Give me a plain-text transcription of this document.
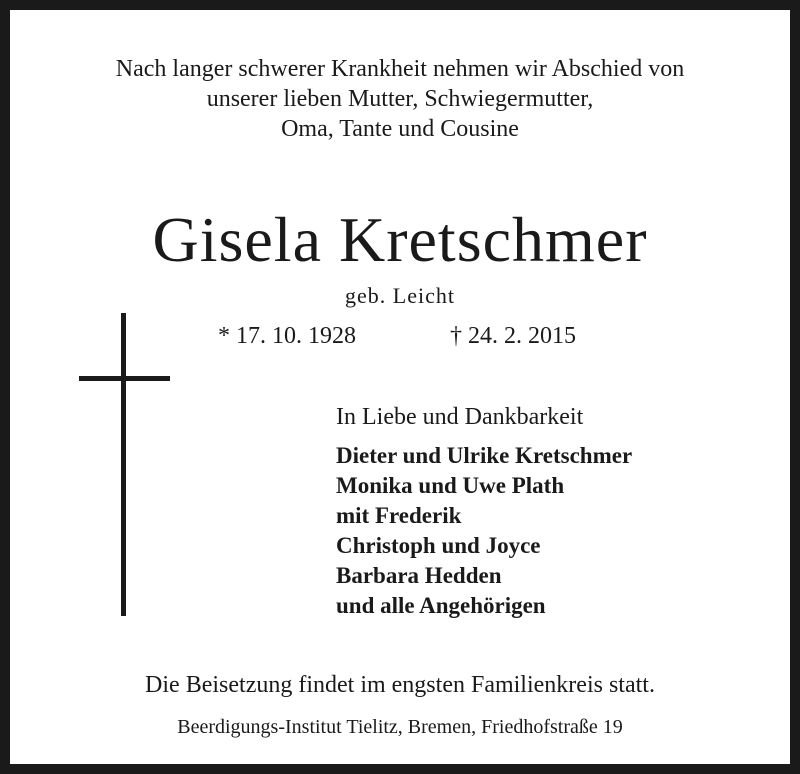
Nach langer schwerer Krankheit nehmen wir Abschied von
unserer lieben Mutter, Schwiegermutter,
Oma, Tante und Cousine
Gisela Kretschmer
geb. Leicht
* 17. 10. 1928	† 24. 2. 2015
In Liebe und Dankbarkeit
Dieter und Ulrike Kretschmer
Monika und Uwe Plath
mit Frederik
Christoph und Joyce
Barbara Hedden
und alle Angehörigen
Die Beisetzung findet im engsten Familienkreis statt.
Beerdigungs-Institut Tielitz, Bremen, Friedhofstraße 19
